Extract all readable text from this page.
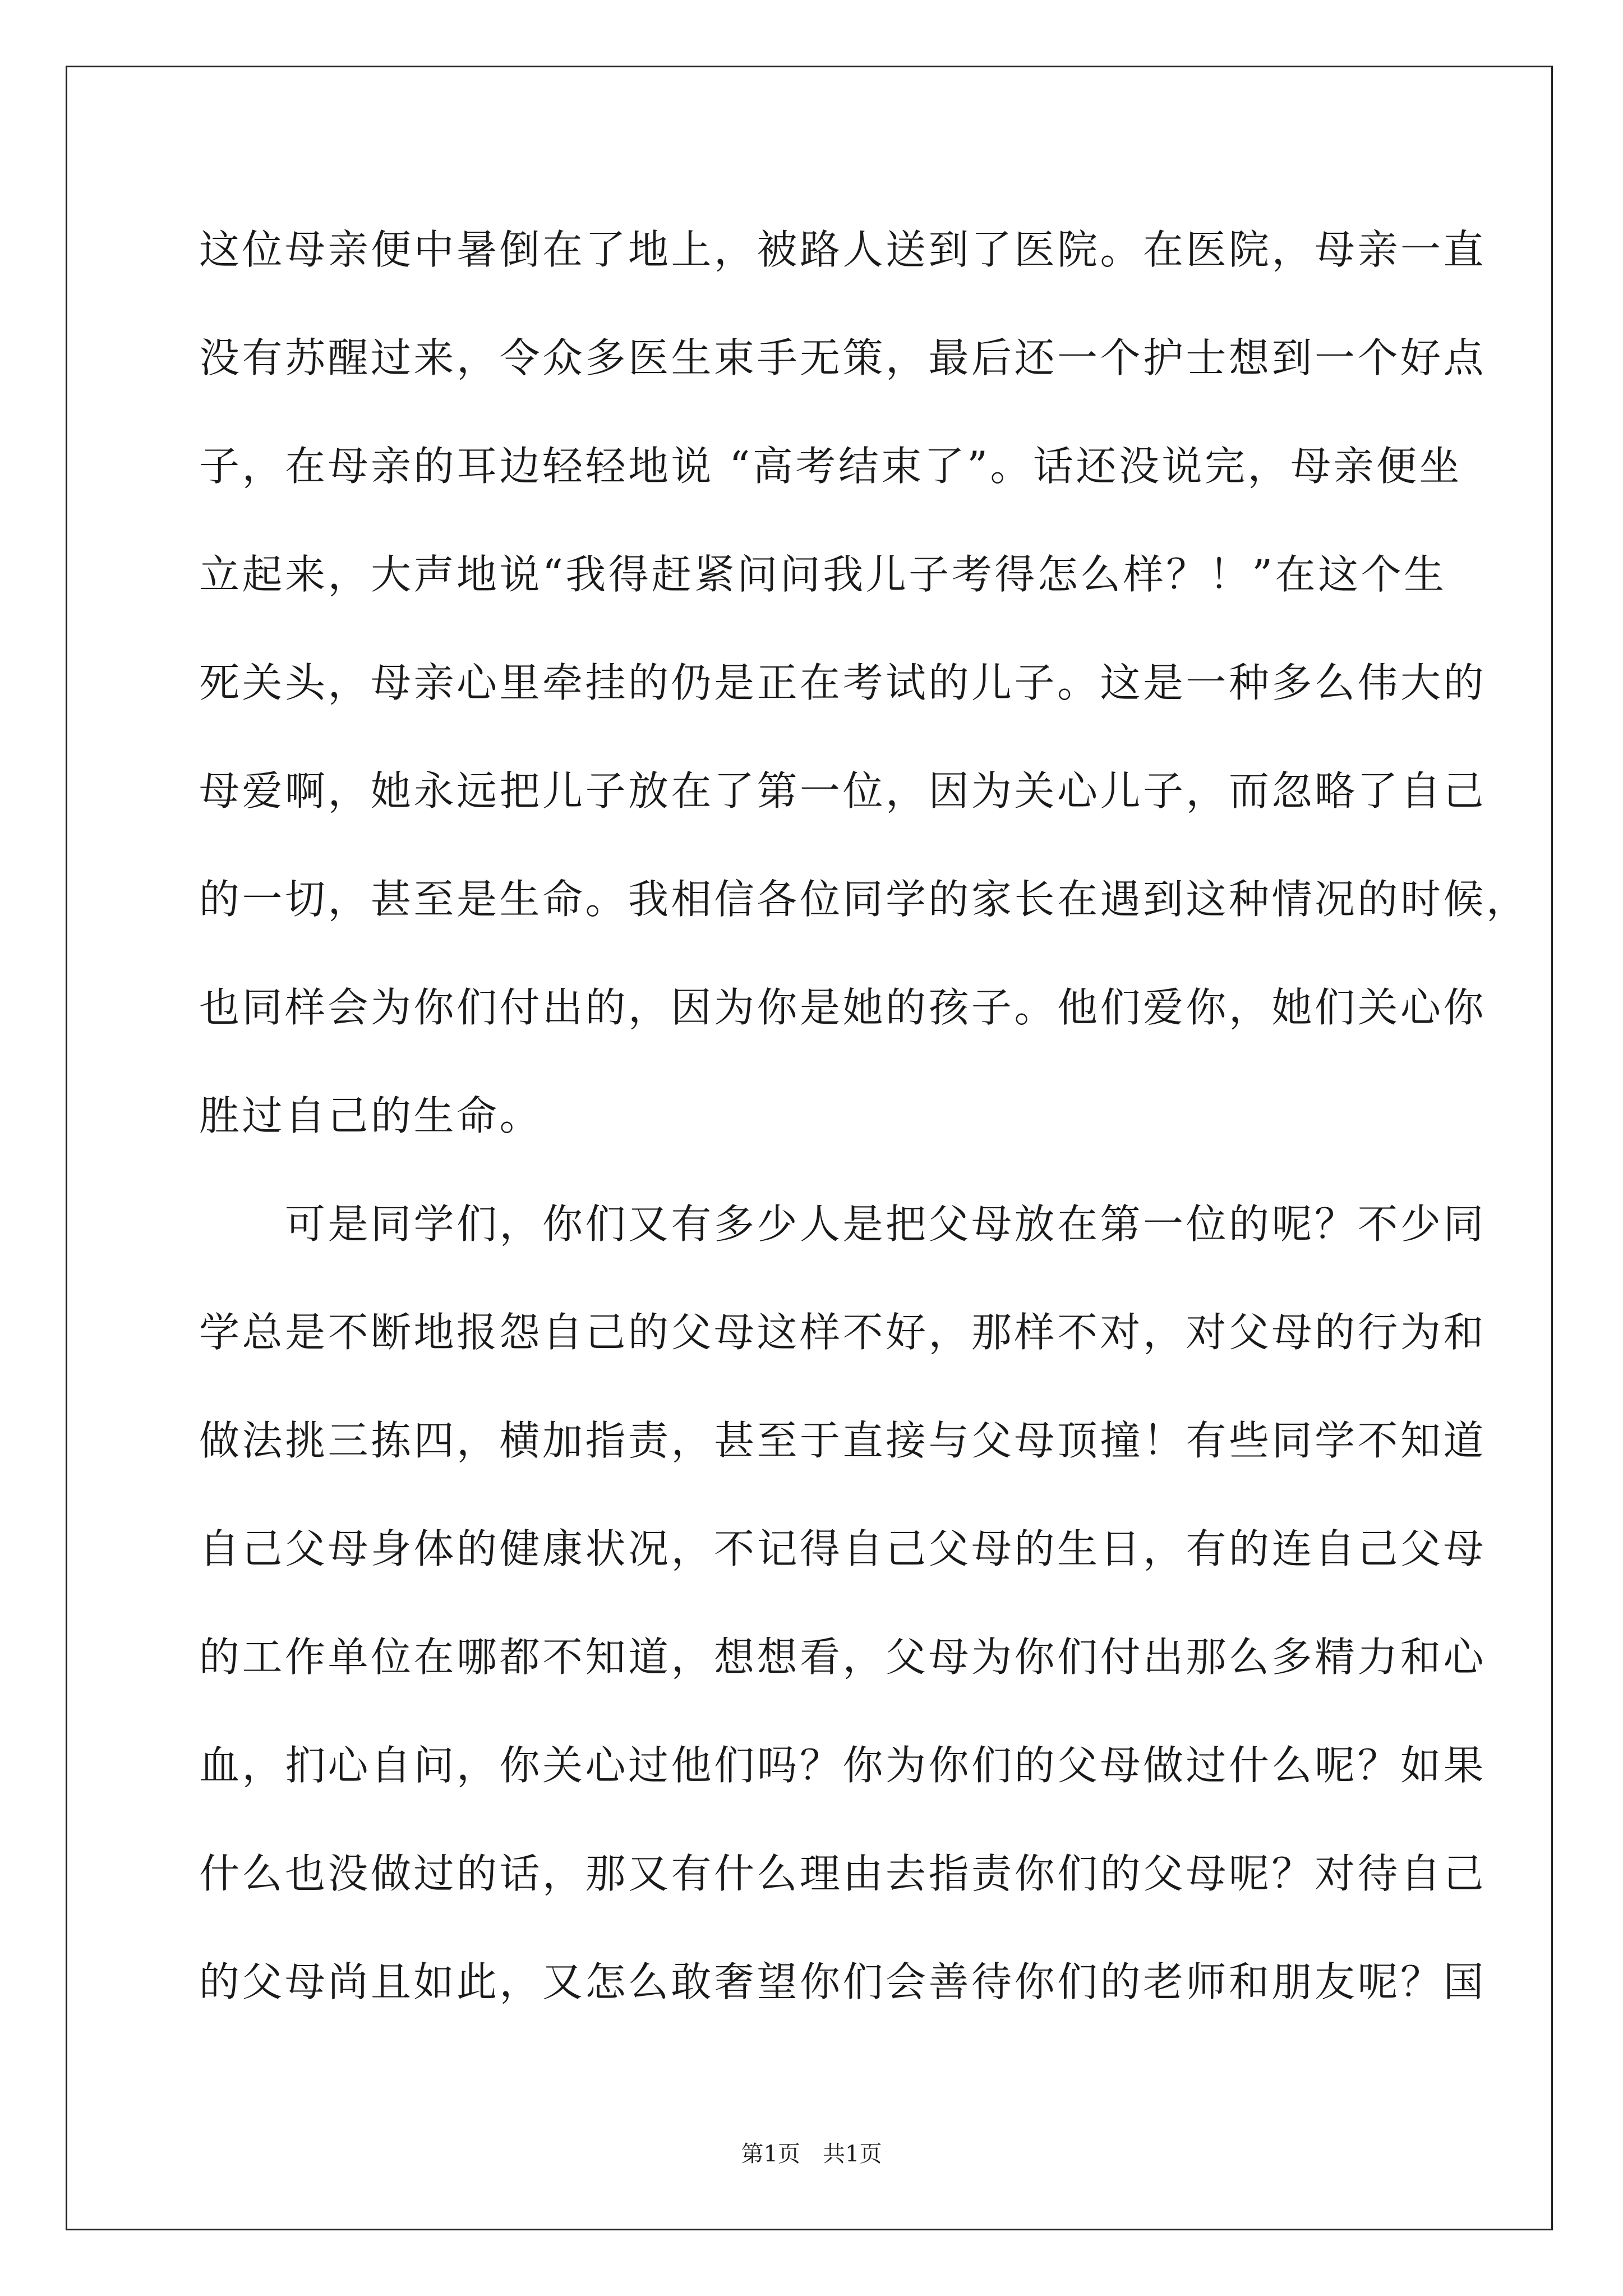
这位母亲便中暑倒在了地上，被路人送到了医院。在医院，母亲一直
没有苏醒过来，令众多医生束手无策，最后还一个护士想到一个好点
子，在母亲的耳边轻轻地说 “高考结束了”。话还没说完，母亲便坐
立起来，大声地说“我得赶紧问问我儿子考得怎么样？！”在这个生
死关头，母亲心里牵挂的仍是正在考试的儿子。这是一种多么伟大的
母爱啊，她永远把儿子放在了第一位，因为关心儿子，而忽略了自己
的一切，甚至是生命。我相信各位同学的家长在遇到这种情况的时候，
也同样会为你们付出的，因为你是她的孩子。他们爱你，她们关心你
胜过自己的生命。
　　可是同学们，你们又有多少人是把父母放在第一位的呢？不少同
学总是不断地报怨自己的父母这样不好，那样不对，对父母的行为和
做法挑三拣四，横加指责，甚至于直接与父母顶撞！有些同学不知道
自己父母身体的健康状况，不记得自己父母的生日，有的连自己父母
的工作单位在哪都不知道，想想看，父母为你们付出那么多精力和心
血，扪心自问，你关心过他们吗？你为你们的父母做过什么呢？如果
什么也没做过的话，那又有什么理由去指责你们的父母呢？对待自己
的父母尚且如此，又怎么敢奢望你们会善待你们的老师和朋友呢？国
第1页　共1页
